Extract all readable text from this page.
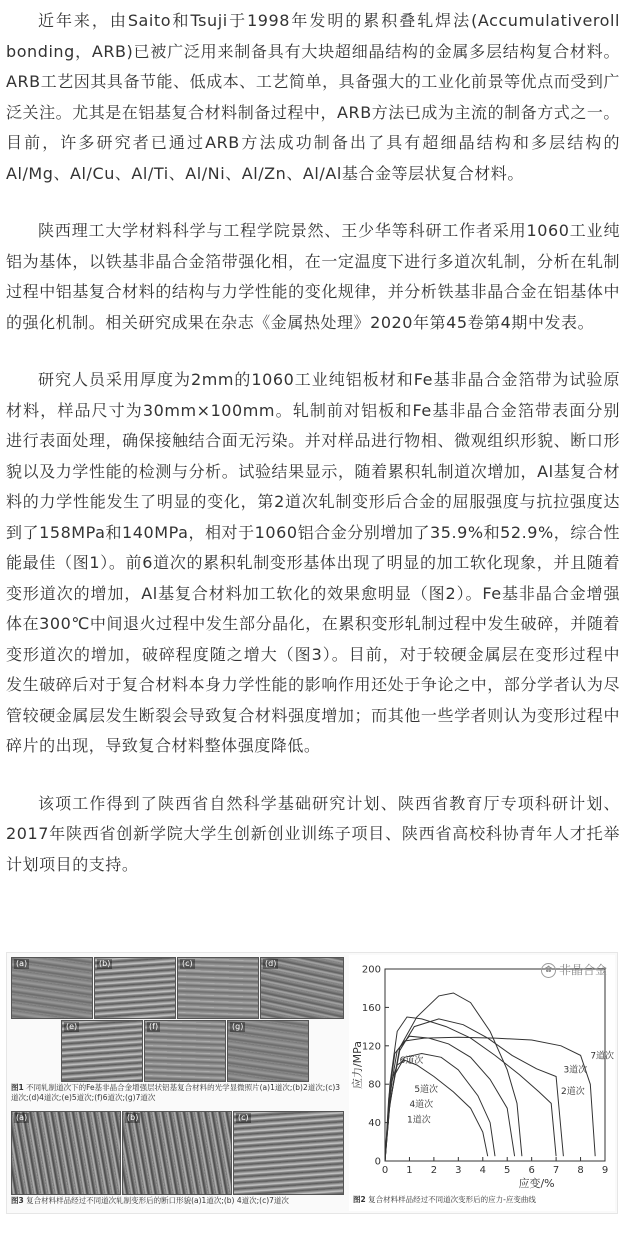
近年来，由Saito和Tsuji于1998年发明的累积叠轧焊法(Accumulativeroll bonding，ARB)已被广泛用来制备具有大块超细晶结构的金属多层结构复合材料。ARB工艺因其具备节能、低成本、工艺简单，具备强大的工业化前景等优点而受到广泛关注。尤其是在铝基复合材料制备过程中，ARB方法已成为主流的制备方式之一。目前，许多研究者已通过ARB方法成功制备出了具有超细晶结构和多层结构的Al/Mg、Al/Cu、Al/Ti、Al/Ni、Al/Zn、Al/Al基合金等层状复合材料。

陕西理工大学材料科学与工程学院景然、王少华等科研工作者采用1060工业纯铝为基体，以铁基非晶合金箔带强化相，在一定温度下进行多道次轧制，分析在轧制过程中铝基复合材料的结构与力学性能的变化规律，并分析铁基非晶合金在铝基体中的强化机制。相关研究成果在杂志《金属热处理》2020年第45卷第4期中发表。

研究人员采用厚度为2mm的1060工业纯铝板材和Fe基非晶合金箔带为试验原材料，样品尺寸为30mm×100mm。轧制前对铝板和Fe基非晶合金箔带表面分别进行表面处理，确保接触结合面无污染。并对样品进行物相、微观组织形貌、断口形貌以及力学性能的检测与分析。试验结果显示，随着累积轧制道次增加，Al基复合材料的力学性能发生了明显的变化，第2道次轧制变形后合金的屈服强度与抗拉强度达到了158MPa和140MPa，相对于1060铝合金分别增加了35.9%和52.9%，综合性能最佳（图1）。前6道次的累积轧制变形基体出现了明显的加工软化现象，并且随着变形道次的增加，Al基复合材料加工软化的效果愈明显（图2）。Fe基非晶合金增强体在300℃中间退火过程中发生部分晶化，在累积变形轧制过程中发生破碎，并随着变形道次的增加，破碎程度随之增大（图3）。目前，对于较硬金属层在变形过程中发生破碎后对于复合材料本身力学性能的影响作用还处于争论之中，部分学者认为尽管较硬金属层发生断裂会导致复合材料强度增加；而其他一些学者则认为变形过程中碎片的出现，导致复合材料整体强度降低。

该项工作得到了陕西省自然科学基础研究计划、陕西省教育厅专项科研计划、2017年陕西省创新学院大学生创新创业训练子项目、陕西省高校科协青年人才托举计划项目的支持。

(a)	(b)	(c)	(d)
(e)	(f)	(g)
图1 不同轧制道次下的Fe基非晶合金增强层状铝基复合材料的光学显微照片(a)1道次;(b)2道次;(c)3道次;(d)4道次;(e)5道次;(f)6道次;(g)7道次
(a)	(b)	(c)
图3 复合材料样品经过不同道次轧制变形后的断口形貌(a)1道次;(b) 4道次;(c)7道次
0
40
80
120
160
200
0 1 2 3 4 5 6 7 8 9
应力/MPa
应变/%
1道次
2道次
3道次
4道次
5道次
6道次	7道次
✿ 非晶合金
图2 复合材料样品经过不同道次变形后的应力-应变曲线
